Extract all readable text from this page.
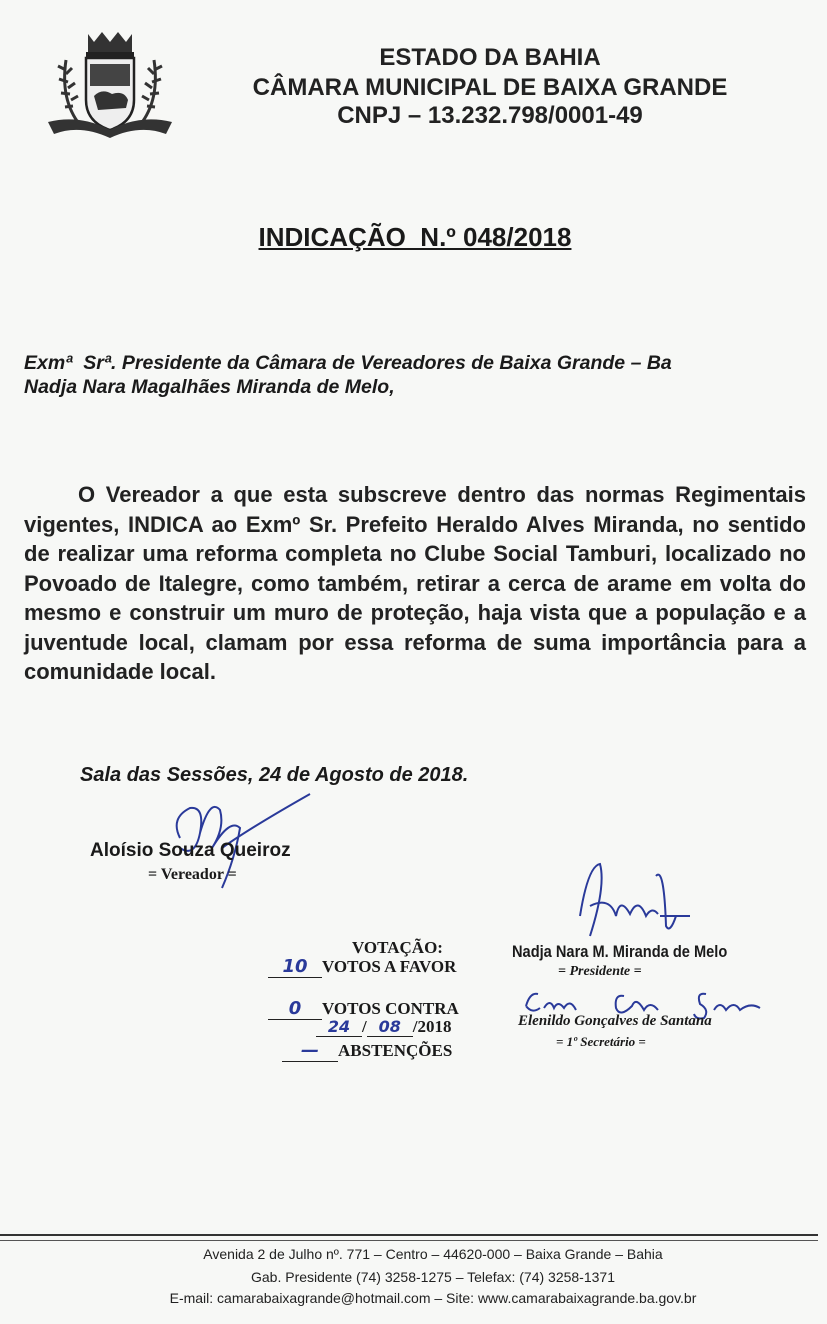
ESTADO DA BAHIA
CÂMARA MUNICIPAL DE BAIXA GRANDE
CNPJ – 13.232.798/0001-49
INDICAÇÃO  N.º 048/2018
Exmª  Srª. Presidente da Câmara de Vereadores de Baixa Grande – Ba
Nadja Nara Magalhães Miranda de Melo,
O Vereador a que esta subscreve dentro das normas Regimentais vigentes, INDICA ao Exmº Sr. Prefeito Heraldo Alves Miranda, no sentido de realizar uma reforma completa no Clube Social Tamburi, localizado no Povoado de Italegre, como também, retirar a cerca de arame em volta do mesmo e construir um muro de proteção, haja vista que a população e a juventude local, clamam por essa reforma de suma importância para a comunidade local.
Sala das Sessões, 24 de Agosto de 2018.
Aloísio Souza Queiroz
= Vereador =
VOTAÇÃO:
10 VOTOS A FAVOR
0 VOTOS CONTRA
24 / 08 /2018
— ABSTENÇÕES
Nadja Nara M. Miranda de Melo
= Presidente =
Elenildo Gonçalves de Santana
= 1º Secretário =
Avenida 2 de Julho nº. 771 – Centro – 44620-000 – Baixa Grande – Bahia
Gab. Presidente (74) 3258-1275 – Telefax: (74) 3258-1371
E-mail: camarabaixagrande@hotmail.com – Site: www.camarabaixagrande.ba.gov.br
